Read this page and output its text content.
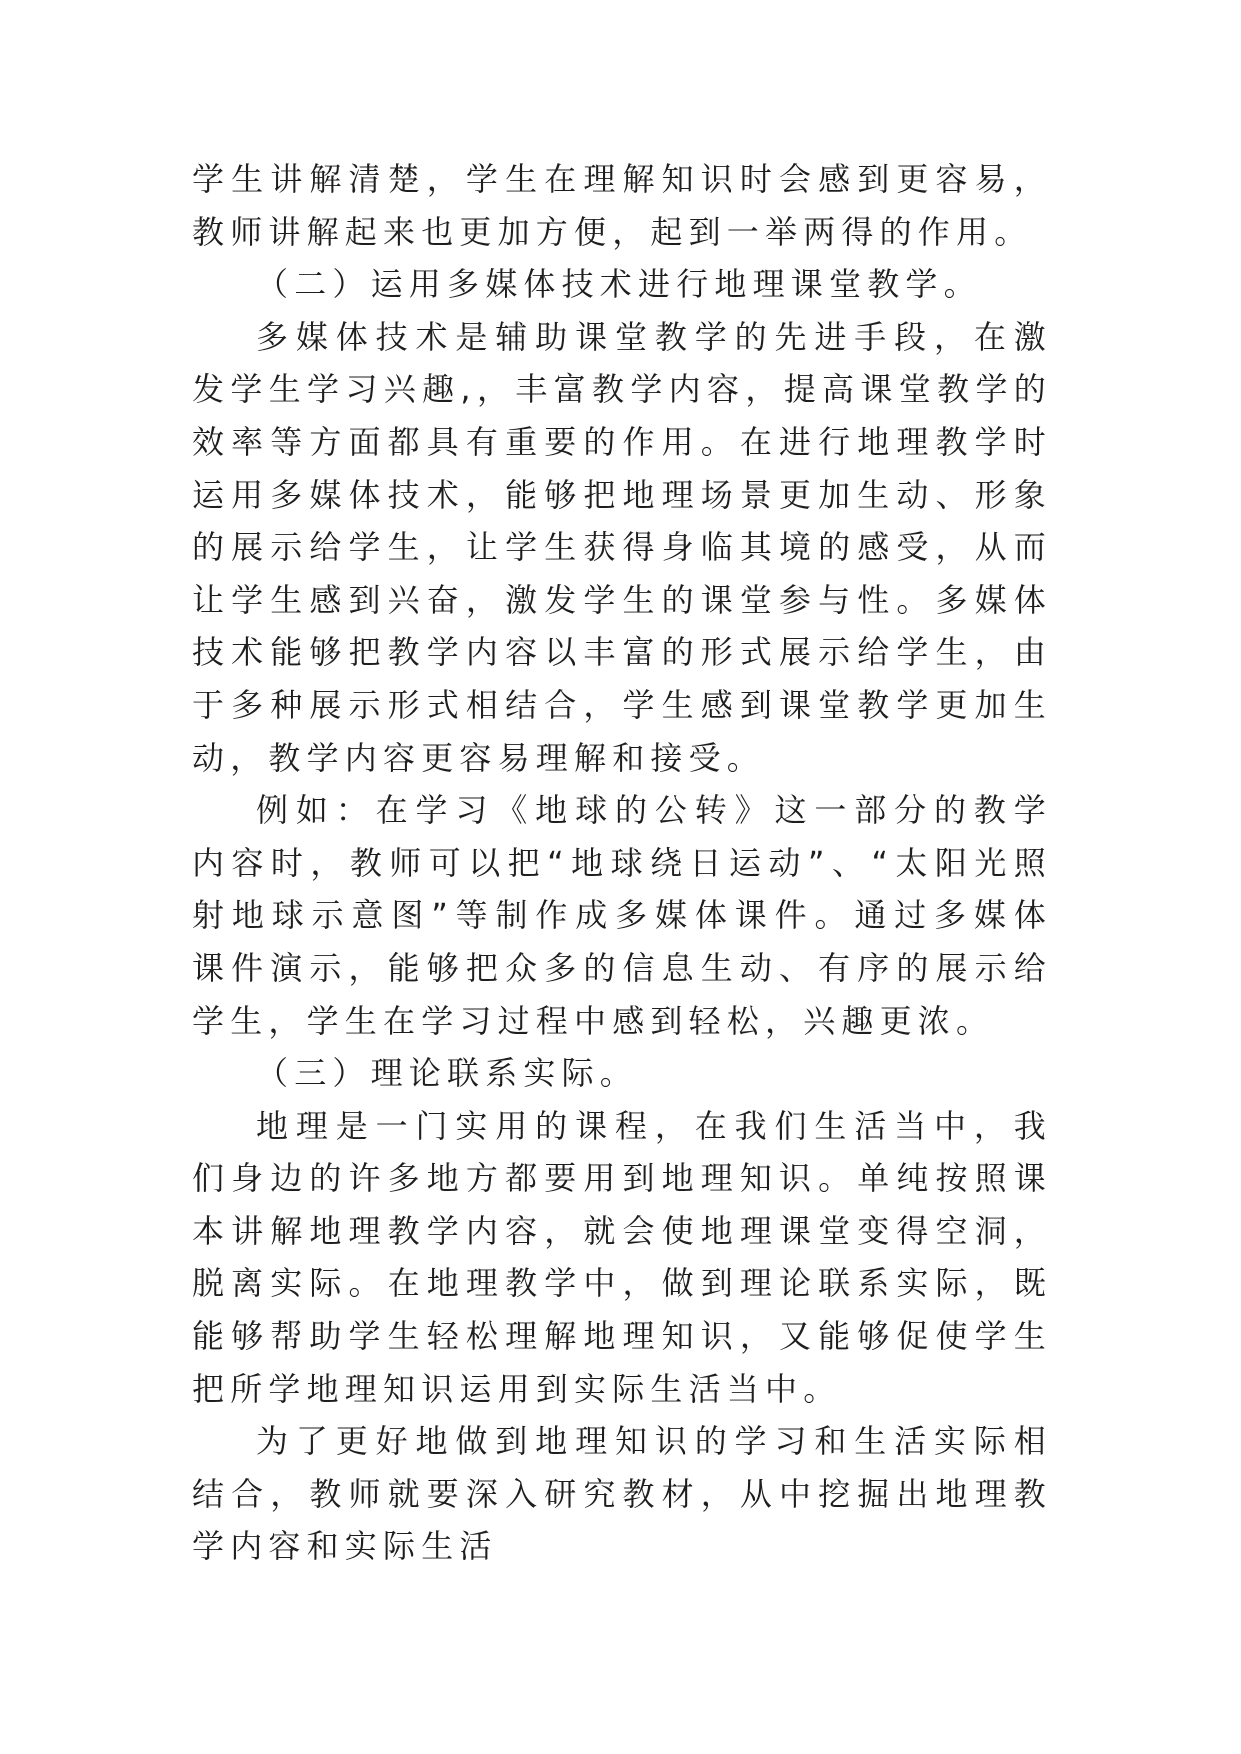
学生讲解清楚，学生在理解知识时会感到更容易，教师讲解起来也更加方便，起到一举两得的作用。

（二）运用多媒体技术进行地理课堂教学。

多媒体技术是辅助课堂教学的先进手段，在激发学生学习兴趣,，丰富教学内容，提高课堂教学的效率等方面都具有重要的作用。在进行地理教学时运用多媒体技术，能够把地理场景更加生动、形象的展示给学生，让学生获得身临其境的感受，从而让学生感到兴奋，激发学生的课堂参与性。多媒体技术能够把教学内容以丰富的形式展示给学生，由于多种展示形式相结合，学生感到课堂教学更加生动，教学内容更容易理解和接受。

例如：在学习《地球的公转》这一部分的教学内容时，教师可以把“地球绕日运动”、“太阳光照射地球示意图”等制作成多媒体课件。通过多媒体课件演示，能够把众多的信息生动、有序的展示给学生，学生在学习过程中感到轻松，兴趣更浓。

（三）理论联系实际。

地理是一门实用的课程，在我们生活当中，我们身边的许多地方都要用到地理知识。单纯按照课本讲解地理教学内容，就会使地理课堂变得空洞，脱离实际。在地理教学中，做到理论联系实际，既能够帮助学生轻松理解地理知识，又能够促使学生把所学地理知识运用到实际生活当中。

为了更好地做到地理知识的学习和生活实际相结合，教师就要深入研究教材，从中挖掘出地理教学内容和实际生活
